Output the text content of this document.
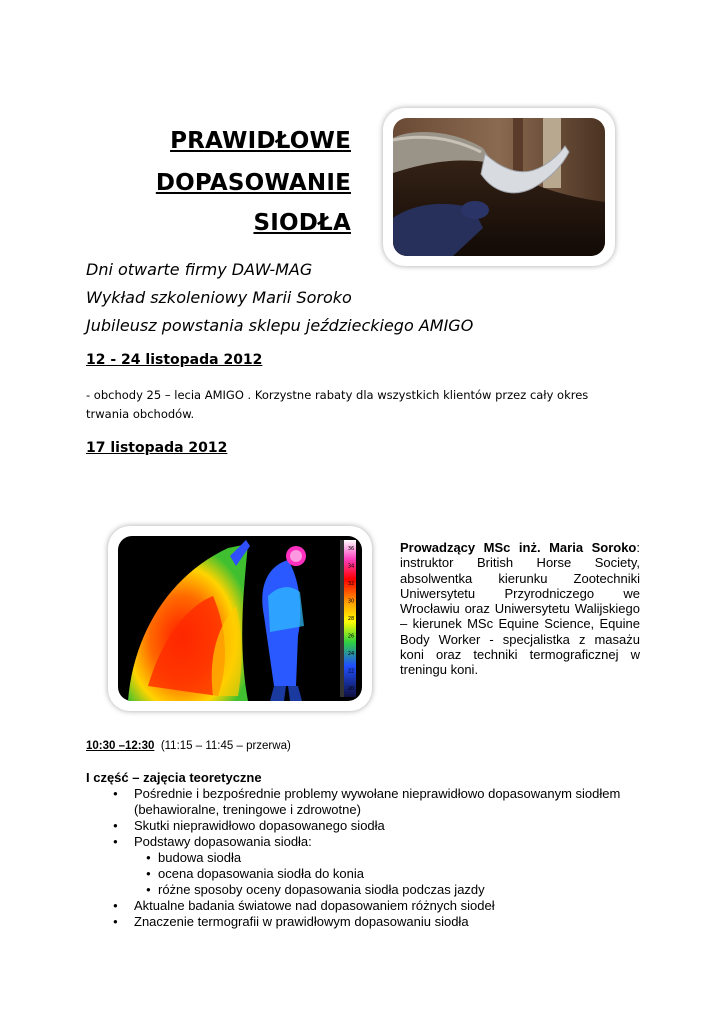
PRAWIDŁOWE
DOPASOWANIE
SIODŁA
Dni otwarte firmy DAW-MAG
Wykład szkoleniowy Marii Soroko
Jubileusz powstania sklepu jeździeckiego AMIGO
12 - 24 listopada 2012
- obchody 25 – lecia AMIGO . Korzystne rabaty dla wszystkich klientów przez cały okres trwania obchodów.
17 listopada 2012
36
34
32
30
28
26
24
22
20
Prowadzący MSc inż. Maria Soroko: instruktor British Horse Society, absolwentka kierunku Zootechniki Uniwersytetu Przyrodniczego we Wrocławiu oraz Uniwersytetu Walijskiego – kierunek MSc Equine Science, Equine Body Worker - specjalistka z masażu koni oraz techniki termograficznej w treningu koni.
10:30 –12:30 (11:15 – 11:45 – przerwa)
I część – zajęcia teoretyczne
● Pośrednie i bezpośrednie problemy wywołane nieprawidłowo dopasowanym siodłem (behawioralne, treningowe i zdrowotne)
● Skutki nieprawidłowo dopasowanego siodła
● Podstawy dopasowania siodła:
● budowa siodła
● ocena dopasowania siodła do konia
● różne sposoby oceny dopasowania siodła podczas jazdy
● Aktualne badania światowe nad dopasowaniem różnych siodeł
● Znaczenie termografii w prawidłowym dopasowaniu siodła
